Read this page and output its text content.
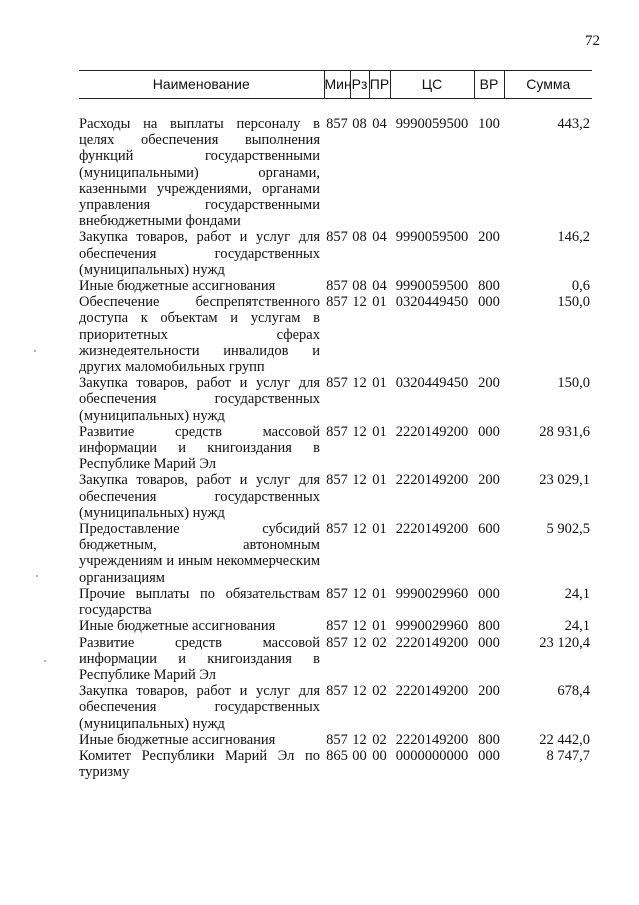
72
Наименование	Мин	Рз	ПР	ЦС	ВР	Сумма

Расходы на выплаты персоналу в целях обеспечения выполнения функций государственными (муниципальными) органами, казенными учреждениями, органами управления государственными внебюджетными фондами	857	08	04	9990059500	100	443,2
Закупка товаров, работ и услуг для обеспечения государственных (муниципальных) нужд	857	08	04	9990059500	200	146,2
Иные бюджетные ассигнования	857	08	04	9990059500	800	0,6
Обеспечение беспрепятственного доступа к объектам и услугам в приоритетных сферах жизнедеятельности инвалидов и других маломобильных групп	857	12	01	0320449450	000	150,0
Закупка товаров, работ и услуг для обеспечения государственных (муниципальных) нужд	857	12	01	0320449450	200	150,0
Развитие средств массовой информации и книгоиздания в Республике Марий Эл	857	12	01	2220149200	000	28 931,6
Закупка товаров, работ и услуг для обеспечения государственных (муниципальных) нужд	857	12	01	2220149200	200	23 029,1
Предоставление субсидий бюджетным, автономным учреждениям и иным некоммерческим организациям	857	12	01	2220149200	600	5 902,5
Прочие выплаты по обязательствам государства	857	12	01	9990029960	000	24,1
Иные бюджетные ассигнования	857	12	01	9990029960	800	24,1
Развитие средств массовой информации и книгоиздания в Республике Марий Эл	857	12	02	2220149200	000	23 120,4
Закупка товаров, работ и услуг для обеспечения государственных (муниципальных) нужд	857	12	02	2220149200	200	678,4
Иные бюджетные ассигнования	857	12	02	2220149200	800	22 442,0
Комитет Республики Марий Эл по туризму	865	00	00	0000000000	000	8 747,7
